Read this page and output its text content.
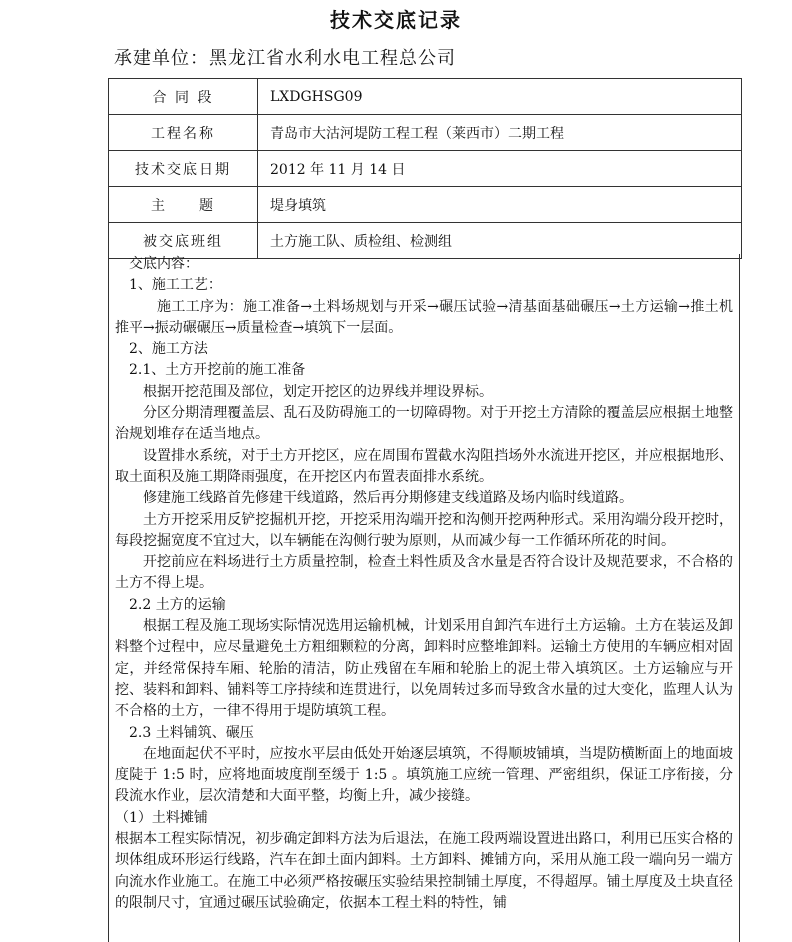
技术交底记录
承建单位：黑龙江省水利水电工程总公司
合 同 段	LXDGHSG09
工程名称	青岛市大沽河堤防工程工程（莱西市）二期工程
技术交底日期	2012 年 11 月 14 日
主　　题	堤身填筑
被交底班组	土方施工队、质检组、检测组

交底内容：

1、施工工艺：

施工工序为：施工准备→土料场规划与开采→碾压试验→清基面基础碾压→土方运输→推土机推平→振动碾碾压→质量检查→填筑下一层面。

2、施工方法

2.1、土方开挖前的施工准备

根据开挖范围及部位，划定开挖区的边界线并埋设界标。

分区分期清理覆盖层、乱石及防碍施工的一切障碍物。对于开挖土方清除的覆盖层应根据土地整治规划堆存在适当地点。

设置排水系统，对于土方开挖区，应在周围布置截水沟阻挡场外水流进开挖区，并应根据地形、取土面积及施工期降雨强度，在开挖区内布置表面排水系统。

修建施工线路首先修建干线道路，然后再分期修建支线道路及场内临时线道路。

土方开挖采用反铲挖掘机开挖，开挖采用沟端开挖和沟侧开挖两种形式。采用沟端分段开挖时，每段挖掘宽度不宜过大，以车辆能在沟侧行驶为原则，从而减少每一工作循环所花的时间。

开挖前应在料场进行土方质量控制，检查土料性质及含水量是否符合设计及规范要求，不合格的土方不得上堤。

2.2 土方的运输

根据工程及施工现场实际情况选用运输机械，计划采用自卸汽车进行土方运输。土方在装运及卸料整个过程中，应尽量避免土方粗细颗粒的分离，卸料时应整堆卸料。运输土方使用的车辆应相对固定，并经常保持车厢、轮胎的清洁，防止残留在车厢和轮胎上的泥土带入填筑区。土方运输应与开挖、装料和卸料、铺料等工序持续和连贯进行，以免周转过多而导致含水量的过大变化，监理人认为不合格的土方，一律不得用于堤防填筑工程。

2.3 土料铺筑、碾压

在地面起伏不平时，应按水平层由低处开始逐层填筑，不得顺坡铺填，当堤防横断面上的地面坡度陡于 1:5 时，应将地面坡度削至缓于 1:5 。填筑施工应统一管理、严密组织，保证工序衔接，分段流水作业，层次清楚和大面平整，均衡上升，减少接缝。

（1）土料摊铺

根据本工程实际情况，初步确定卸料方法为后退法，在施工段两端设置进出路口，利用已压实合格的坝体组成环形运行线路，汽车在卸土面内卸料。土方卸料、摊铺方向，采用从施工段一端向另一端方向流水作业施工。在施工中必须严格按碾压实验结果控制铺土厚度，不得超厚。铺土厚度及土块直径的限制尺寸，宜通过碾压试验确定，依据本工程土料的特性，铺
